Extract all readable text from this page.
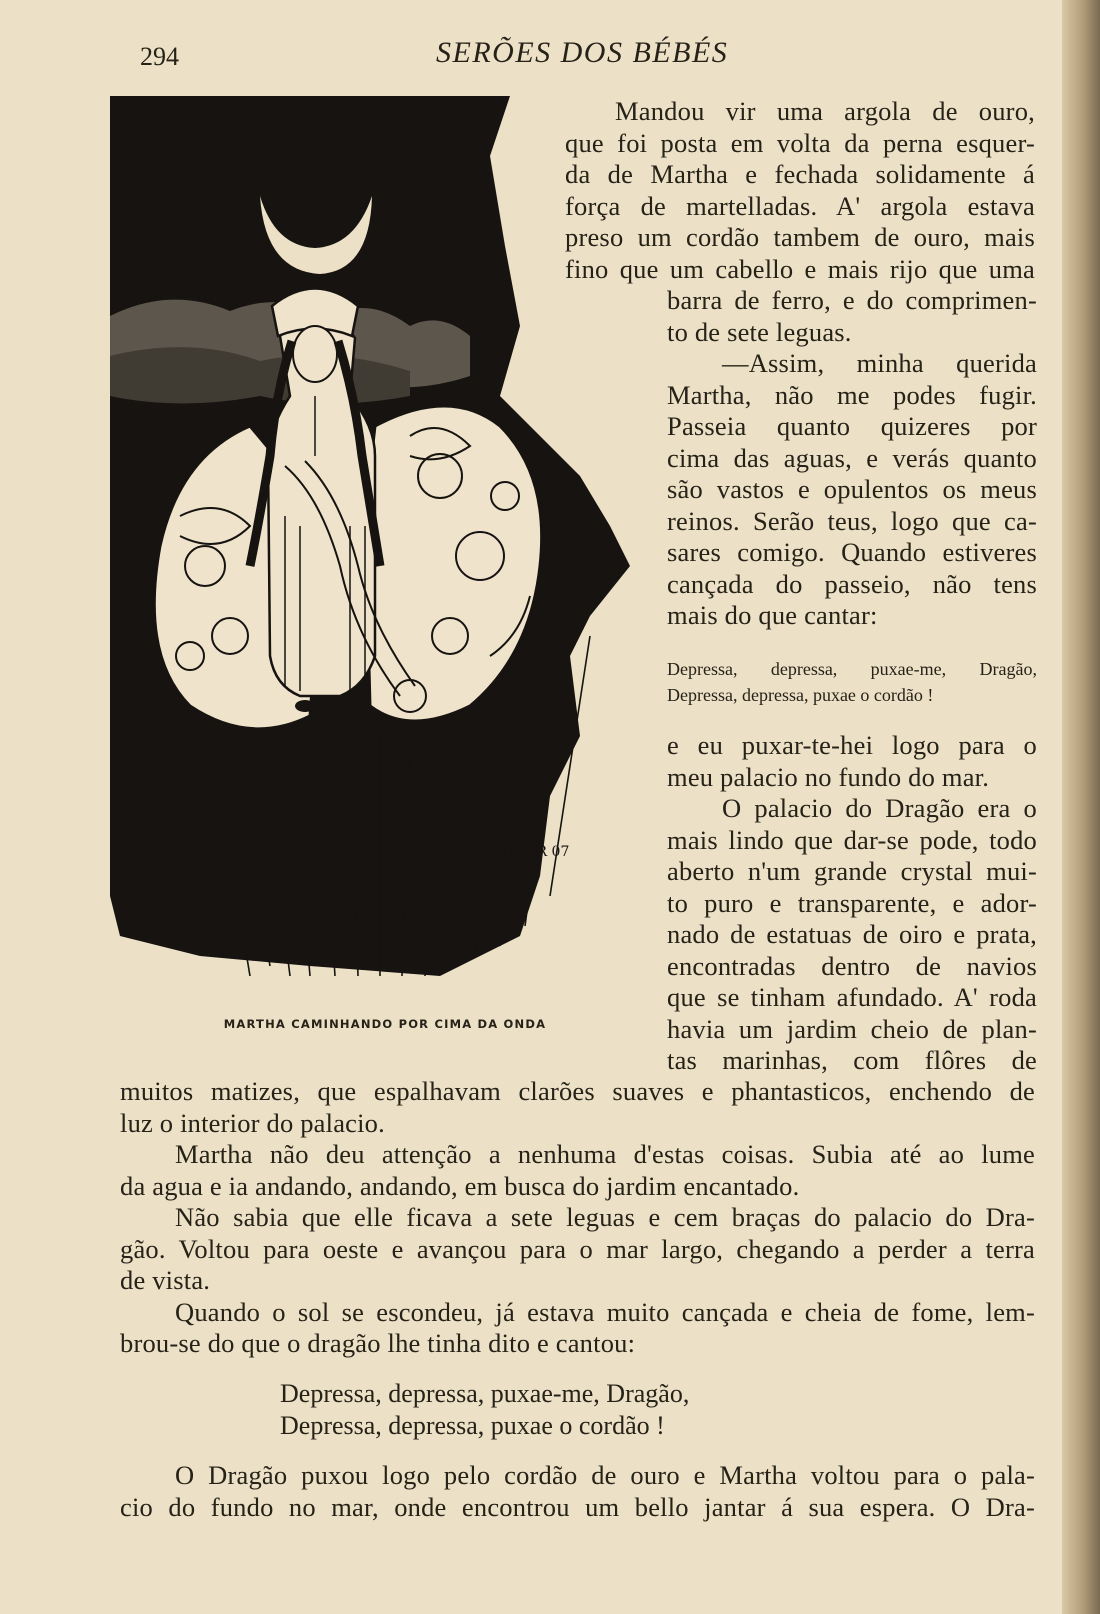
294	SERÕES DOS BÉBÉS
S. MILLAR 07
MARTHA CAMINHANDO POR CIMA DA ONDA
Mandou vir uma argola de ouro,
que foi posta em volta da perna esquer-
da de Martha e fechada solidamente á
força de martelladas. A' argola estava
preso um cordão tambem de ouro, mais
fino que um cabello e mais rijo que uma
barra de ferro, e do comprimen-
to de sete leguas.
—Assim, minha querida
Martha, não me podes fugir.
Passeia quanto quizeres por
cima das aguas, e verás quanto
são vastos e opulentos os meus
reinos. Serão teus, logo que ca-
sares comigo. Quando estiveres
cançada do passeio, não tens
mais do que cantar:
Depressa, depressa, puxae-me, Dragão,
Depressa, depressa, puxae o cordão !
e eu puxar-te-hei logo para o
meu palacio no fundo do mar.
O palacio do Dragão era o
mais lindo que dar-se pode, todo
aberto n'um grande crystal mui-
to puro e transparente, e ador-
nado de estatuas de oiro e prata,
encontradas dentro de navios
que se tinham afundado. A' roda
havia um jardim cheio de plan-
tas marinhas, com flôres de
muitos matizes, que espalhavam clarões suaves e phantasticos, enchendo de
luz o interior do palacio.
Martha não deu attenção a nenhuma d'estas coisas. Subia até ao lume
da agua e ia andando, andando, em busca do jardim encantado.
Não sabia que elle ficava a sete leguas e cem braças do palacio do Dra-
gão. Voltou para oeste e avançou para o mar largo, chegando a perder a terra
de vista.
Quando o sol se escondeu, já estava muito cançada e cheia de fome, lem-
brou-se do que o dragão lhe tinha dito e cantou:
Depressa, depressa, puxae-me, Dragão,
Depressa, depressa, puxae o cordão !
O Dragão puxou logo pelo cordão de ouro e Martha voltou para o pala-
cio do fundo no mar, onde encontrou um bello jantar á sua espera. O Dra-
